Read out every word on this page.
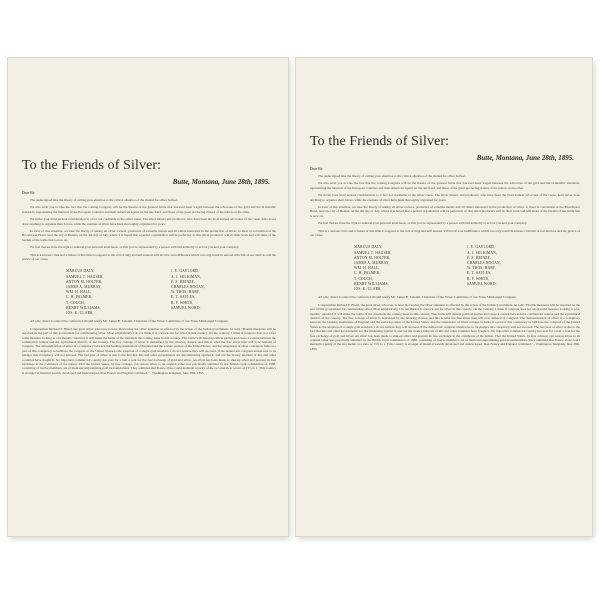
To the Friends of Silver:
Butte, Montana, June 28th, 1895.
Dear Sir:

The undersigned take the liberty of calling your attention to the critical situation of the market for silver bullion.

We also wish you to take the fact that the coming Congress will be the theatre of the greatest battle that has ever been waged between the advocates of the gold and the bi-metallic standards, representing the interests of the European countries and their American agents on the one hand, and those of the great producing classes of the nation on the other.

We invite your most serious consideration to a fact not creditable to the silver cause. The silver miners and producers, who have been the most earnest advocates of the cause, have never done anything to organize their forces, while the enemies of silver have been thoroughly organized for years.

In view of this situation, we take the liberty of asking all silver owners, producers of valuable metals and all others interested in the production of silver, to meet in convention at the Broadwater Hotel, near the city of Helena, on the 4th day of July, where it is hoped that a perfect organization will be perfected, so that silver producers will do their work and will share of the burden of the battle that is now on.

We feel that we have the right to demand your personal attendance, or that you be represented by a person with full authority to act for you and your company.

This is a serious crisis and a failure at this time to respond to the call of duty and self-interest will involve an indifference which can only result in serious criticism of our motives and the justice of our cause.

MARCUS DALY,	J. E. GAYLORD,
SAMUEL T. HAUSER,	A. J. SELIGMAN,
ANTON M. HOLTER,	F. A. HEINZE,
JAMES A. MURRAY,	CHARLES HOGAN,
WM. H. HALL,	W. THOS. HART,
C. H. PALMER,	E. T. SAYLES,
T. COUCH,	R. F. WHITE,
HENRY WILLIAMS,	SAMUEL WORD.
JOS. K. CLARK.

All who desire to attend the conference should notify Mr. James B. Leleigh, Chairman of the Silver Committee of the Trans-Mississippi Congress.

Congressman Richard P. Bland, the great silver advocate, is here. Reviewing the silver situation as affected by the action of the Indian government, he said: "Hostile measures will be required on the part of this government for commanding silver. Most emphatically I do not think it is a knock-out for silver in this country. On the contrary, I think if congress does not adopt some measure looking to a bi-metallic standard, it will make the battle of the standards the coming issue in this country. This battle will disrupt political parties and cause a contest between the commercial centers and the agricultural districts of the country. The free coinage of silver is demanded by the laboring classes, and this is what the free silver men will now demand of congress. The demonetization of silver is a conspiracy between the banking institutions of England and the eastern portion of the United States, and the suspension of silver coinage in India is a part of this conspiracy to bulldoze the congress of the United States to the adoption of a single gold standard. I do not believe they will succeed. If the democratic congress stands true to its pledges this conspiracy will not succeed. The last year of silver is due to the fact that this and other governments are discriminating against it, and not the money interests of this and other countries have fought it. No important commercial country has ever for a half a cent for the free exchange of gold and silver. An effort has been made to shut up silver and prevent its free exchange in the commerce of the nation. That the United States, by free coinage, can restore silver to its original value was practically admitted by the British royal commission of 1888, consisting of twelve members, six of them uncompromising gold monometallists. They admitted that France alone could maintain a parity of the two metals at a ratio of 15½ to 1. This country is stronger in material wealth, developed and undeveloped, than France and England combined." - Washington Telegram, June 28th, 1895.

To the Friends of Silver:
Butte, Montana, June 28th, 1895.
Dear Sir:

The undersigned take the liberty of calling your attention to the critical situation of the market for silver bullion.

We also wish you to take the fact that the coming Congress will be the theatre of the greatest battle that has ever been waged between the advocates of the gold and the bi-metallic standards, representing the interests of the European countries and their American agents on the one hand, and those of the great producing classes of the nation on the other.

We invite your most serious consideration to a fact not creditable to the silver cause. The silver miners and producers, who have been the most earnest advocates of the cause, have never done anything to organize their forces, while the enemies of silver have been thoroughly organized for years.

In view of this situation, we take the liberty of asking all silver owners, producers of valuable metals and all others interested in the production of silver, to meet in convention at the Broadwater Hotel, near the city of Helena, on the 4th day of July, where it is hoped that a perfect organization will be perfected, so that silver producers will do their work and will share of the burden of the battle that is now on.

We feel that we have the right to demand your personal attendance, or that you be represented by a person with full authority to act for you and your company.

This is a serious crisis and a failure at this time to respond to the call of duty and self-interest will involve an indifference which can only result in serious criticism of our motives and the justice of our cause.

MARCUS DALY,	J. E. GAYLORD,
SAMUEL T. HAUSER,	A. J. SELIGMAN,
ANTON M. HOLTER,	F. A. HEINZE,
JAMES A. MURRAY,	CHARLES HOGAN,
WM. H. HALL,	W. THOS. HART,
C. H. PALMER,	E. T. SAYLES,
T. COUCH,	R. F. WHITE,
HENRY WILLIAMS,	SAMUEL WORD.
JOS. K. CLARK.

All who desire to attend the conference should notify Mr. James B. Leleigh, Chairman of the Silver Committee of the Trans-Mississippi Congress.

Congressman Richard P. Bland, the great silver advocate, is here. Reviewing the silver situation as affected by the action of the Indian government, he said: "Hostile measures will be required on the part of this government for commanding silver. Most emphatically I do not think it is a knock-out for silver in this country. On the contrary, I think if congress does not adopt some measure looking to a bi-metallic standard, it will make the battle of the standards the coming issue in this country. This battle will disrupt political parties and cause a contest between the commercial centers and the agricultural districts of the country. The free coinage of silver is demanded by the laboring classes, and this is what the free silver men will now demand of congress. The demonetization of silver is a conspiracy between the banking institutions of England and the eastern portion of the United States, and the suspension of silver coinage in India is a part of this conspiracy to bulldoze the congress of the United States to the adoption of a single gold standard. I do not believe they will succeed. If the democratic congress stands true to its pledges this conspiracy will not succeed. The last year of silver is due to the fact that this and other governments are discriminating against it, and not the money interests of this and other countries have fought it. No important commercial country has ever for a half a cent for the free exchange of gold and silver. An effort has been made to shut up silver and prevent its free exchange in the commerce of the nation. That the United States, by free coinage, can restore silver to its original value was practically admitted by the British royal commission of 1888, consisting of twelve members, six of them uncompromising gold monometallists. They admitted that France alone could maintain a parity of the two metals at a ratio of 15½ to 1. This country is stronger in material wealth, developed and undeveloped, than France and England combined." - Washington Telegram, June 28th, 1895.
